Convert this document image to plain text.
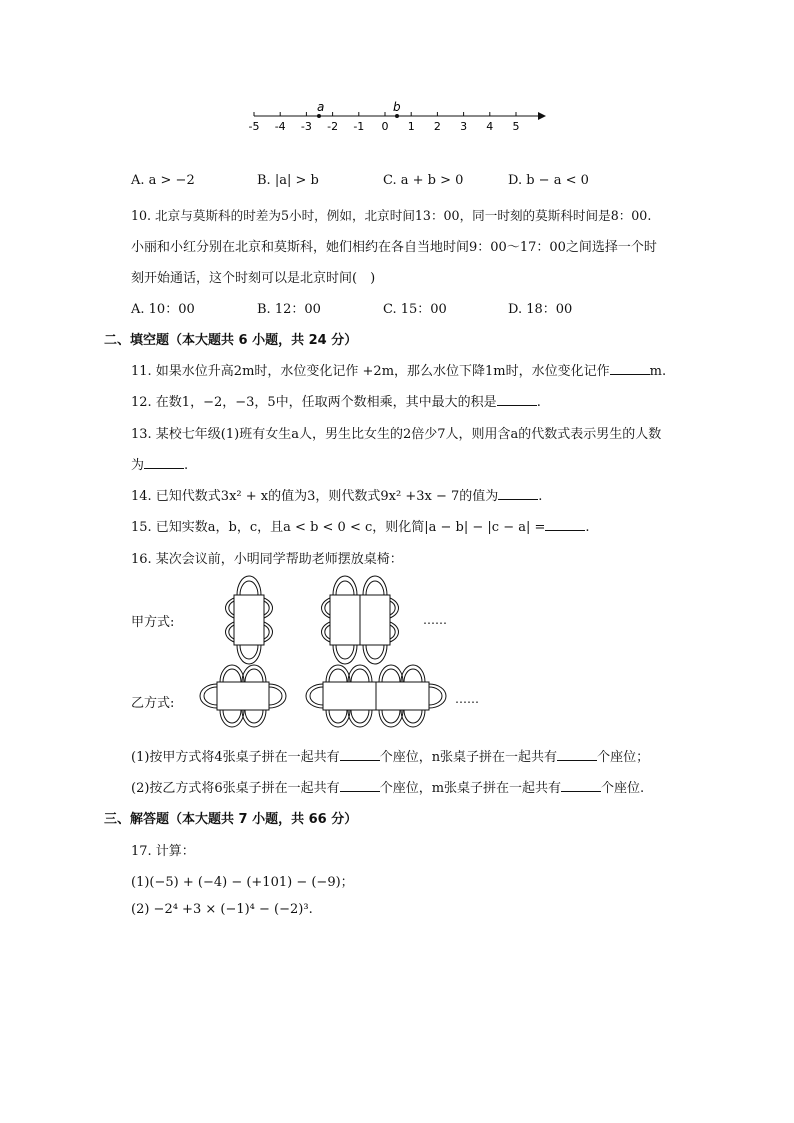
-5 -4 -3 -2 -1 0 1 2 3 4 5
a	b
A. a > −2	B. |a| > b	C. a + b > 0	D. b − a < 0
10. 北京与莫斯科的时差为5小时，例如，北京时间13：00，同一时刻的莫斯科时间是8：00.
小丽和小红分别在北京和莫斯科，她们相约在各自当地时间9：00～17：00之间选择一个时
刻开始通话，这个时刻可以是北京时间(　)
A. 10：00	B. 12：00	C. 15：00	D. 18：00
二、填空题（本大题共 6 小题，共 24 分）
11. 如果水位升高2m时，水位变化记作 +2m，那么水位下降1m时，水位变化记作	m.
12. 在数1，−2，−3，5中，任取两个数相乘，其中最大的积是	.
13. 某校七年级(1)班有女生a人，男生比女生的2倍少7人，则用含a的代数式表示男生的人数
为	.
14. 已知代数式3x² + x的值为3，则代数式9x² +3x − 7的值为	.
15. 已知实数a，b，c，且a < b < 0 < c，则化简|a − b| − |c − a| =	.
16. 某次会议前，小明同学帮助老师摆放桌椅：
甲方式:	……
乙方式:	……
(1)按甲方式将4张桌子拼在一起共有	个座位，n张桌子拼在一起共有	个座位；
(2)按乙方式将6张桌子拼在一起共有	个座位，m张桌子拼在一起共有	个座位.
三、解答题（本大题共 7 小题，共 66 分）
17. 计算：
(1)(−5) + (−4) − (+101) − (−9)；
(2) −2⁴ +3 × (−1)⁴ − (−2)³.
